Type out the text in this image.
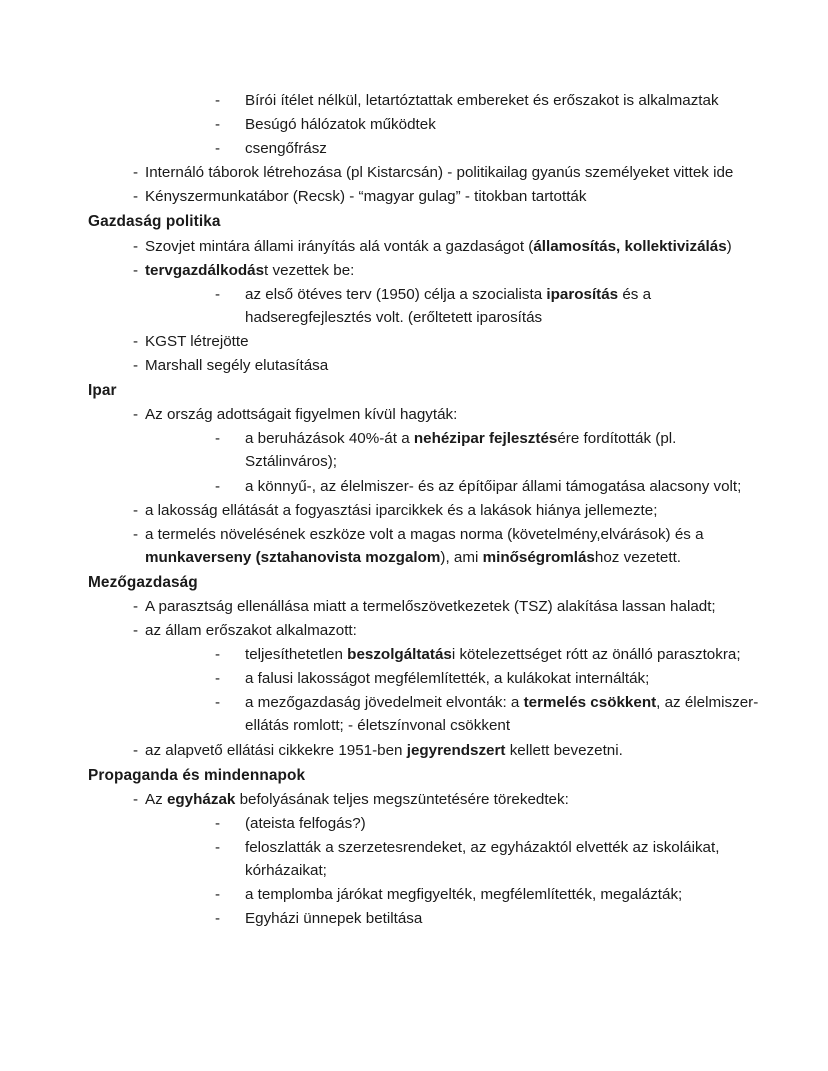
- Bírói ítélet nélkül, letartóztattak embereket és erőszakot is alkalmaztak
- Besúgó hálózatok működtek
- csengőfrász
- Internáló táborok létrehozása (pl Kistarcsán) - politikailag gyanús személyeket vittek ide
- Kényszermunkatábor (Recsk) - “magyar gulag” - titokban tartották
Gazdaság politika
- Szovjet mintára állami irányítás alá vonták a gazdaságot (államosítás, kollektivizálás)
- tervgazdálkodást vezettek be:
- az első ötéves terv (1950) célja a szocialista iparosítás és a hadseregfejlesztés volt. (erőltetett iparosítás
- KGST létrejötte
- Marshall segély elutasítása
Ipar
- Az ország adottságait figyelmen kívül hagyták:
- a beruházások 40%-át a nehézipar fejlesztésére fordították (pl. Sztálinváros);
- a könnyű-, az élelmiszer- és az építőipar állami támogatása alacsony volt;
- a lakosság ellátását a fogyasztási iparcikkek és a lakások hiánya jellemezte;
- a termelés növelésének eszköze volt a magas norma (követelmény,elvárások) és a munkaverseny (sztahanovista mozgalom), ami minőségromláshoz vezetett.
Mezőgazdaság
- A parasztság ellenállása miatt a termelőszövetkezetek (TSZ) alakítása lassan haladt;
- az állam erőszakot alkalmazott:
- teljesíthetetlen beszolgáltatási kötelezettséget rótt az önálló parasztokra;
- a falusi lakosságot megfélemlítették, a kulákokat internálták;
- a mezőgazdaság jövedelmeit elvonták: a termelés csökkent, az élelmiszer-ellátás romlott; - életszínvonal csökkent
- az alapvető ellátási cikkekre 1951-ben jegyrendszert kellett bevezetni.
Propaganda és mindennapok
- Az egyházak befolyásának teljes megszüntetésére törekedtek:
- (ateista felfogás?)
- feloszlatták a szerzetesrendeket, az egyházaktól elvették az iskoláikat, kórházaikat;
- a templomba járókat megfigyelték, megfélemlítették, megalázták;
- Egyházi ünnepek betiltása
